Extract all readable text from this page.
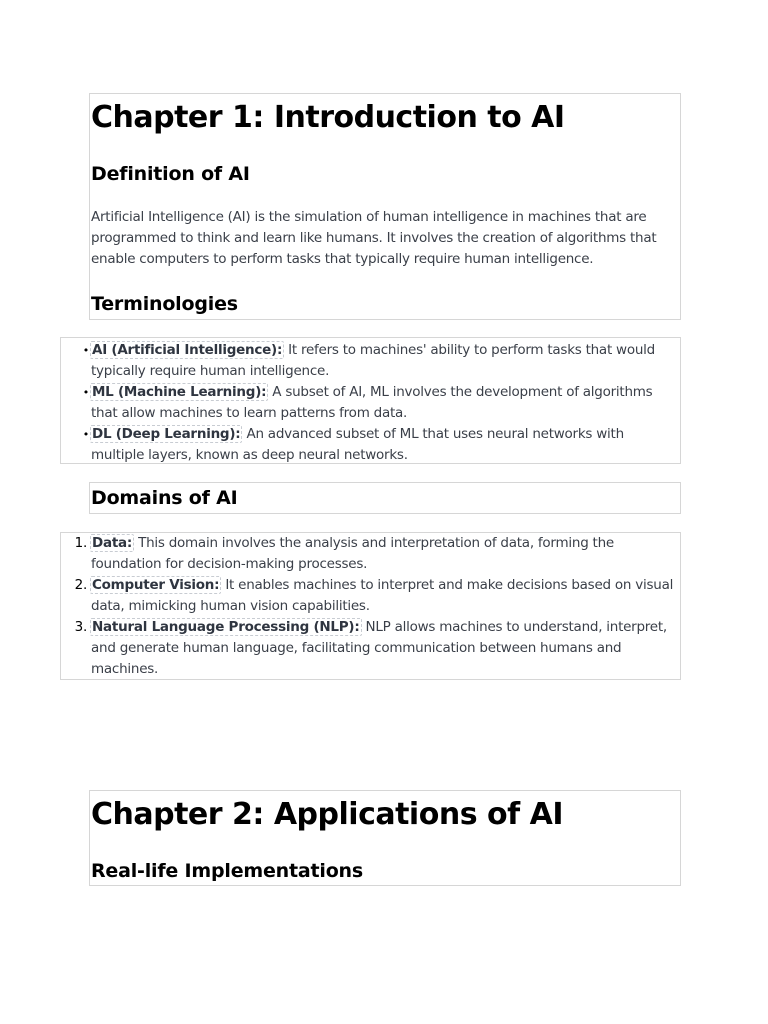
Chapter 1: Introduction to AI
Definition of AI

Artificial Intelligence (AI) is the simulation of human intelligence in machines that are programmed to think and learn like humans. It involves the creation of algorithms that enable computers to perform tasks that typically require human intelligence.

Terminologies
• AI (Artificial Intelligence): It refers to machines' ability to perform tasks that would typically require human intelligence.
• ML (Machine Learning): A subset of AI, ML involves the development of algorithms that allow machines to learn patterns from data.
• DL (Deep Learning): An advanced subset of ML that uses neural networks with multiple layers, known as deep neural networks.
Domains of AI
1. Data: This domain involves the analysis and interpretation of data, forming the foundation for decision-making processes.
2. Computer Vision: It enables machines to interpret and make decisions based on visual data, mimicking human vision capabilities.
3. Natural Language Processing (NLP): NLP allows machines to understand, interpret, and generate human language, facilitating communication between humans and machines.
Chapter 2: Applications of AI
Real-life Implementations
